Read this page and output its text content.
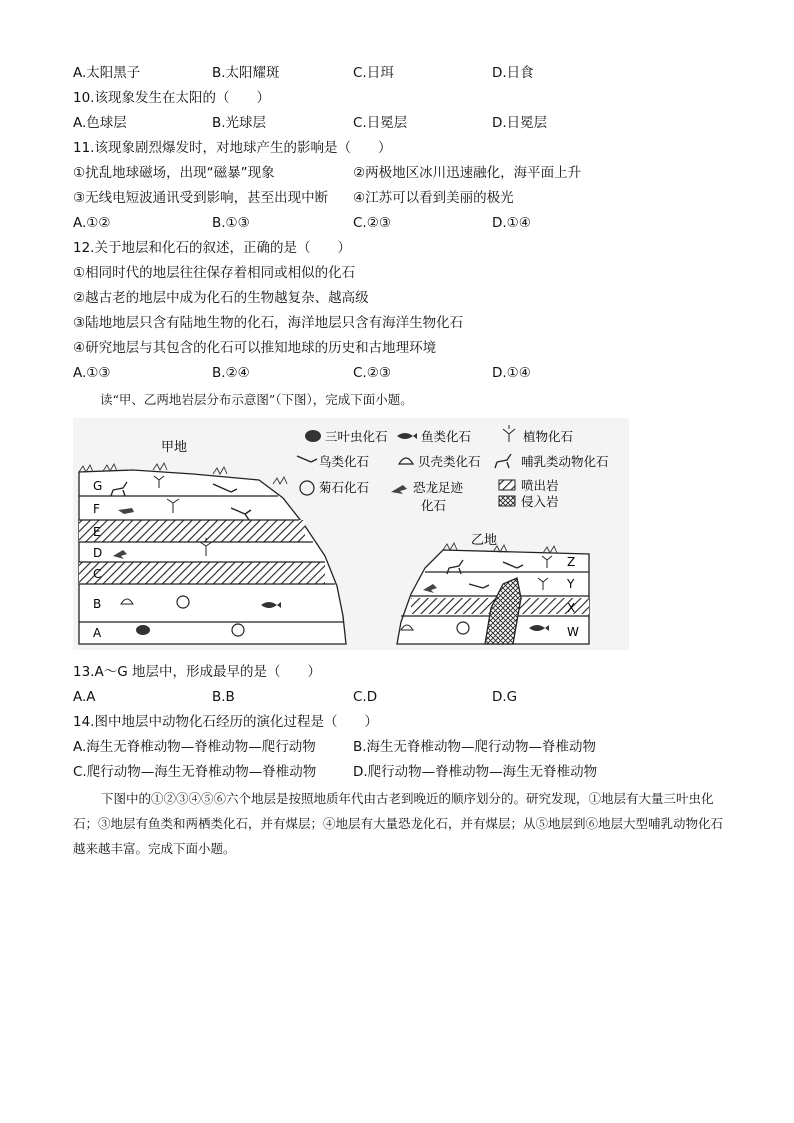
A.太阳黑子	B.太阳耀斑	C.日珥	D.日食
10.该现象发生在太阳的（　　）
A.色球层	B.光球层	C.日冕层	D.日冕层
11.该现象剧烈爆发时，对地球产生的影响是（　　）
①扰乱地球磁场，出现“磁暴”现象	②两极地区冰川迅速融化，海平面上升
③无线电短波通讯受到影响，甚至出现中断 ④江苏可以看到美丽的极光
A.①②	B.①③	C.②③	D.①④
12.关于地层和化石的叙述，正确的是（　　）
①相同时代的地层往往保存着相同或相似的化石
②越古老的地层中成为化石的生物越复杂、越高级
③陆地地层只含有陆地生物的化石，海洋地层只含有海洋生物化石
④研究地层与其包含的化石可以推知地球的历史和古地理环境
A.①③	B.②④	C.②③	D.①④
读“甲、乙两地岩层分布示意图”（下图），完成下面小题。
甲地
A
B
C
D
E
F
G
乙地
W
X
Y
Z
三叶虫化石	鱼类化石	植物化石
鸟类化石	贝壳类化石	哺乳类动物化石
菊石化石	恐龙足迹
化石
喷出岩
侵入岩
13.A～G 地层中，形成最早的是（　　）
A.A	B.B	C.D	D.G
14.图中地层中动物化石经历的演化过程是（　　）
A.海生无脊椎动物—脊椎动物—爬行动物	B.海生无脊椎动物—爬行动物—脊椎动物
C.爬行动物—海生无脊椎动物—脊椎动物	D.爬行动物—脊椎动物—海生无脊椎动物
下图中的①②③④⑤⑥六个地层是按照地质年代由古老到晚近的顺序划分的。研究发现，①地层有大量三叶虫化石；③地层有鱼类和两栖类化石，并有煤层；④地层有大量恐龙化石，并有煤层；从⑤地层到⑥地层大型哺乳动物化石越来越丰富。完成下面小题。
